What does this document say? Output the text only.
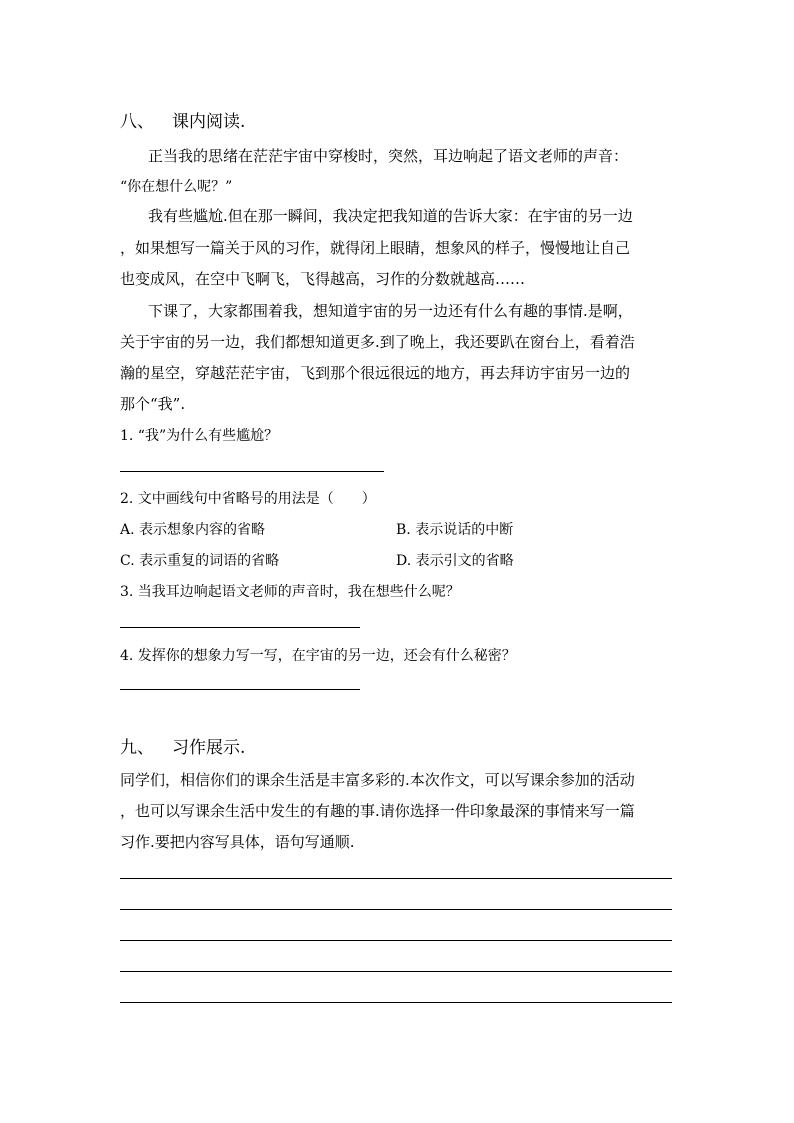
八、 课内阅读.
正当我的思绪在茫茫宇宙中穿梭时，突然，耳边响起了语文老师的声音：
“你在想什么呢？”
我有些尴尬.但在那一瞬间，我决定把我知道的告诉大家：在宇宙的另一边
，如果想写一篇关于风的习作，就得闭上眼睛，想象风的样子，慢慢地让自己
也变成风，在空中飞啊飞，飞得越高，习作的分数就越高……
下课了，大家都围着我，想知道宇宙的另一边还有什么有趣的事情.是啊，
关于宇宙的另一边，我们都想知道更多.到了晚上，我还要趴在窗台上，看着浩
瀚的星空，穿越茫茫宇宙，飞到那个很远很远的地方，再去拜访宇宙另一边的
那个“我”.
1. “我”为什么有些尴尬？
2. 文中画线句中省略号的用法是（　　）
A. 表示想象内容的省略	B. 表示说话的中断
C. 表示重复的词语的省略	D. 表示引文的省略
3. 当我耳边响起语文老师的声音时，我在想些什么呢？
4. 发挥你的想象力写一写，在宇宙的另一边，还会有什么秘密？
九、 习作展示.
同学们，相信你们的课余生活是丰富多彩的.本次作文，可以写课余参加的活动
，也可以写课余生活中发生的有趣的事.请你选择一件印象最深的事情来写一篇
习作.要把内容写具体，语句写通顺.
